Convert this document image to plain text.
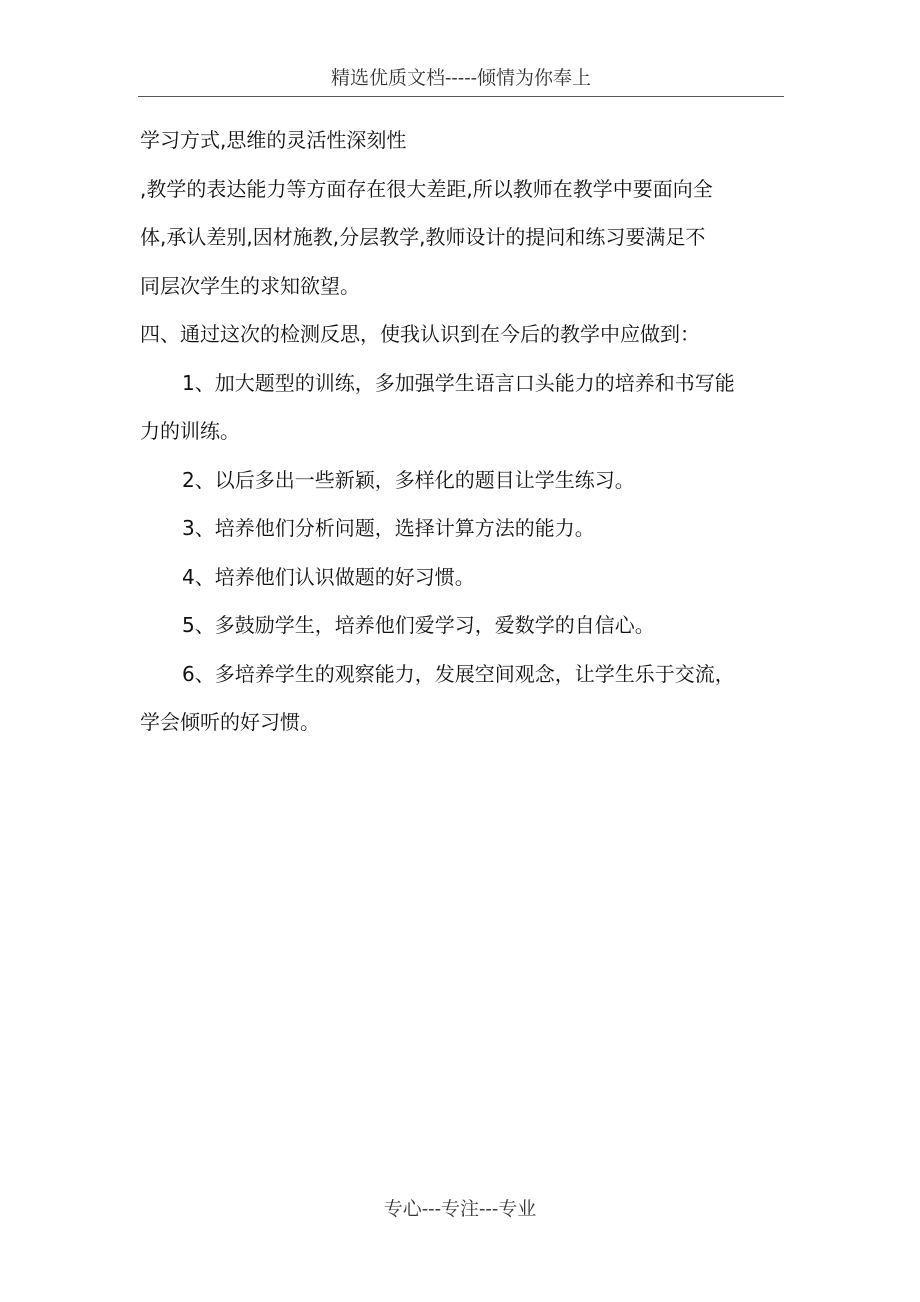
精选优质文档-----倾情为你奉上
学习方式,思维的灵活性深刻性
,教学的表达能力等方面存在很大差距,所以教师在教学中要面向全
体,承认差别,因材施教,分层教学,教师设计的提问和练习要满足不
同层次学生的求知欲望。
四、通过这次的检测反思，使我认识到在今后的教学中应做到：
1、加大题型的训练，多加强学生语言口头能力的培养和书写能
力的训练。
2、以后多出一些新颖，多样化的题目让学生练习。
3、培养他们分析问题，选择计算方法的能力。
4、培养他们认识做题的好习惯。
5、多鼓励学生，培养他们爱学习，爱数学的自信心。
6、多培养学生的观察能力，发展空间观念，让学生乐于交流，
学会倾听的好习惯。
专心---专注---专业
